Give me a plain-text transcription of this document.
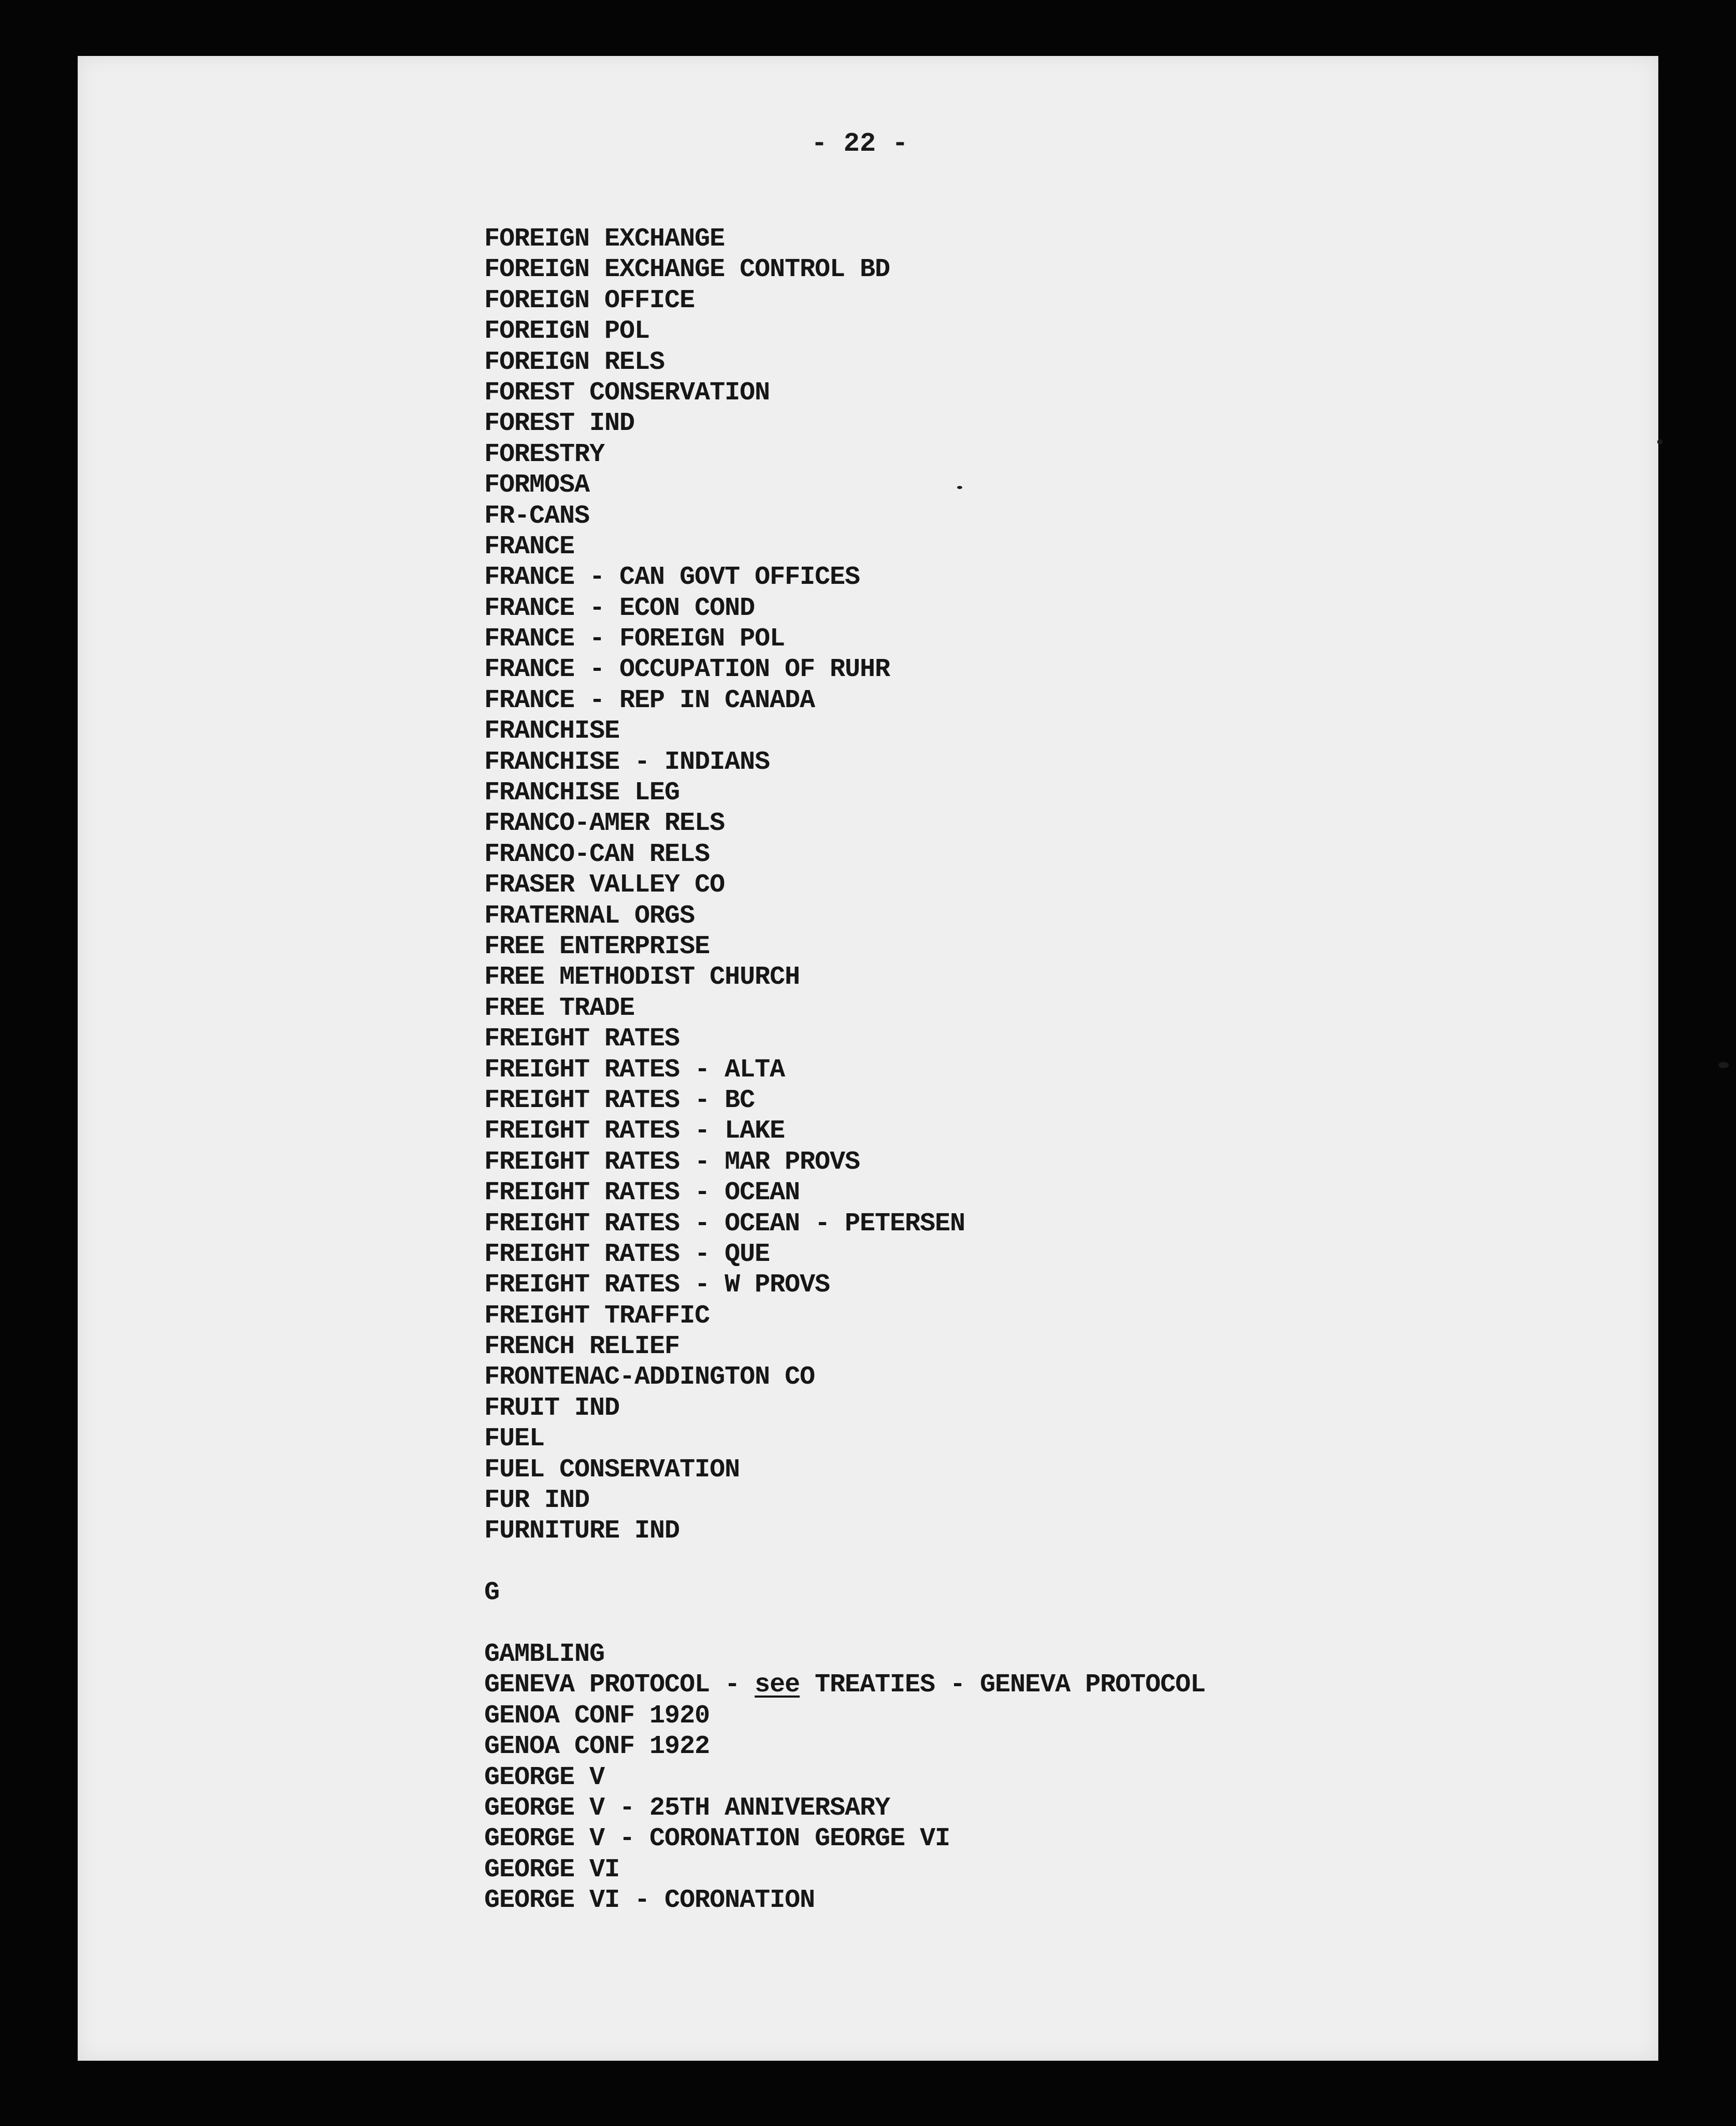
- 22 -
FOREIGN EXCHANGE
FOREIGN EXCHANGE CONTROL BD
FOREIGN OFFICE
FOREIGN POL
FOREIGN RELS
FOREST CONSERVATION
FOREST IND
FORESTRY
FORMOSA
FR-CANS
FRANCE
FRANCE - CAN GOVT OFFICES
FRANCE - ECON COND
FRANCE - FOREIGN POL
FRANCE - OCCUPATION OF RUHR
FRANCE - REP IN CANADA
FRANCHISE
FRANCHISE - INDIANS
FRANCHISE LEG
FRANCO-AMER RELS
FRANCO-CAN RELS
FRASER VALLEY CO
FRATERNAL ORGS
FREE ENTERPRISE
FREE METHODIST CHURCH
FREE TRADE
FREIGHT RATES
FREIGHT RATES - ALTA
FREIGHT RATES - BC
FREIGHT RATES - LAKE
FREIGHT RATES - MAR PROVS
FREIGHT RATES - OCEAN
FREIGHT RATES - OCEAN - PETERSEN
FREIGHT RATES - QUE
FREIGHT RATES - W PROVS
FREIGHT TRAFFIC
FRENCH RELIEF
FRONTENAC-ADDINGTON CO
FRUIT IND
FUEL
FUEL CONSERVATION
FUR IND
FURNITURE IND
G
GAMBLING
GENEVA PROTOCOL - see TREATIES - GENEVA PROTOCOL
GENOA CONF 1920
GENOA CONF 1922
GEORGE V
GEORGE V - 25TH ANNIVERSARY
GEORGE V - CORONATION GEORGE VI
GEORGE VI
GEORGE VI - CORONATION
